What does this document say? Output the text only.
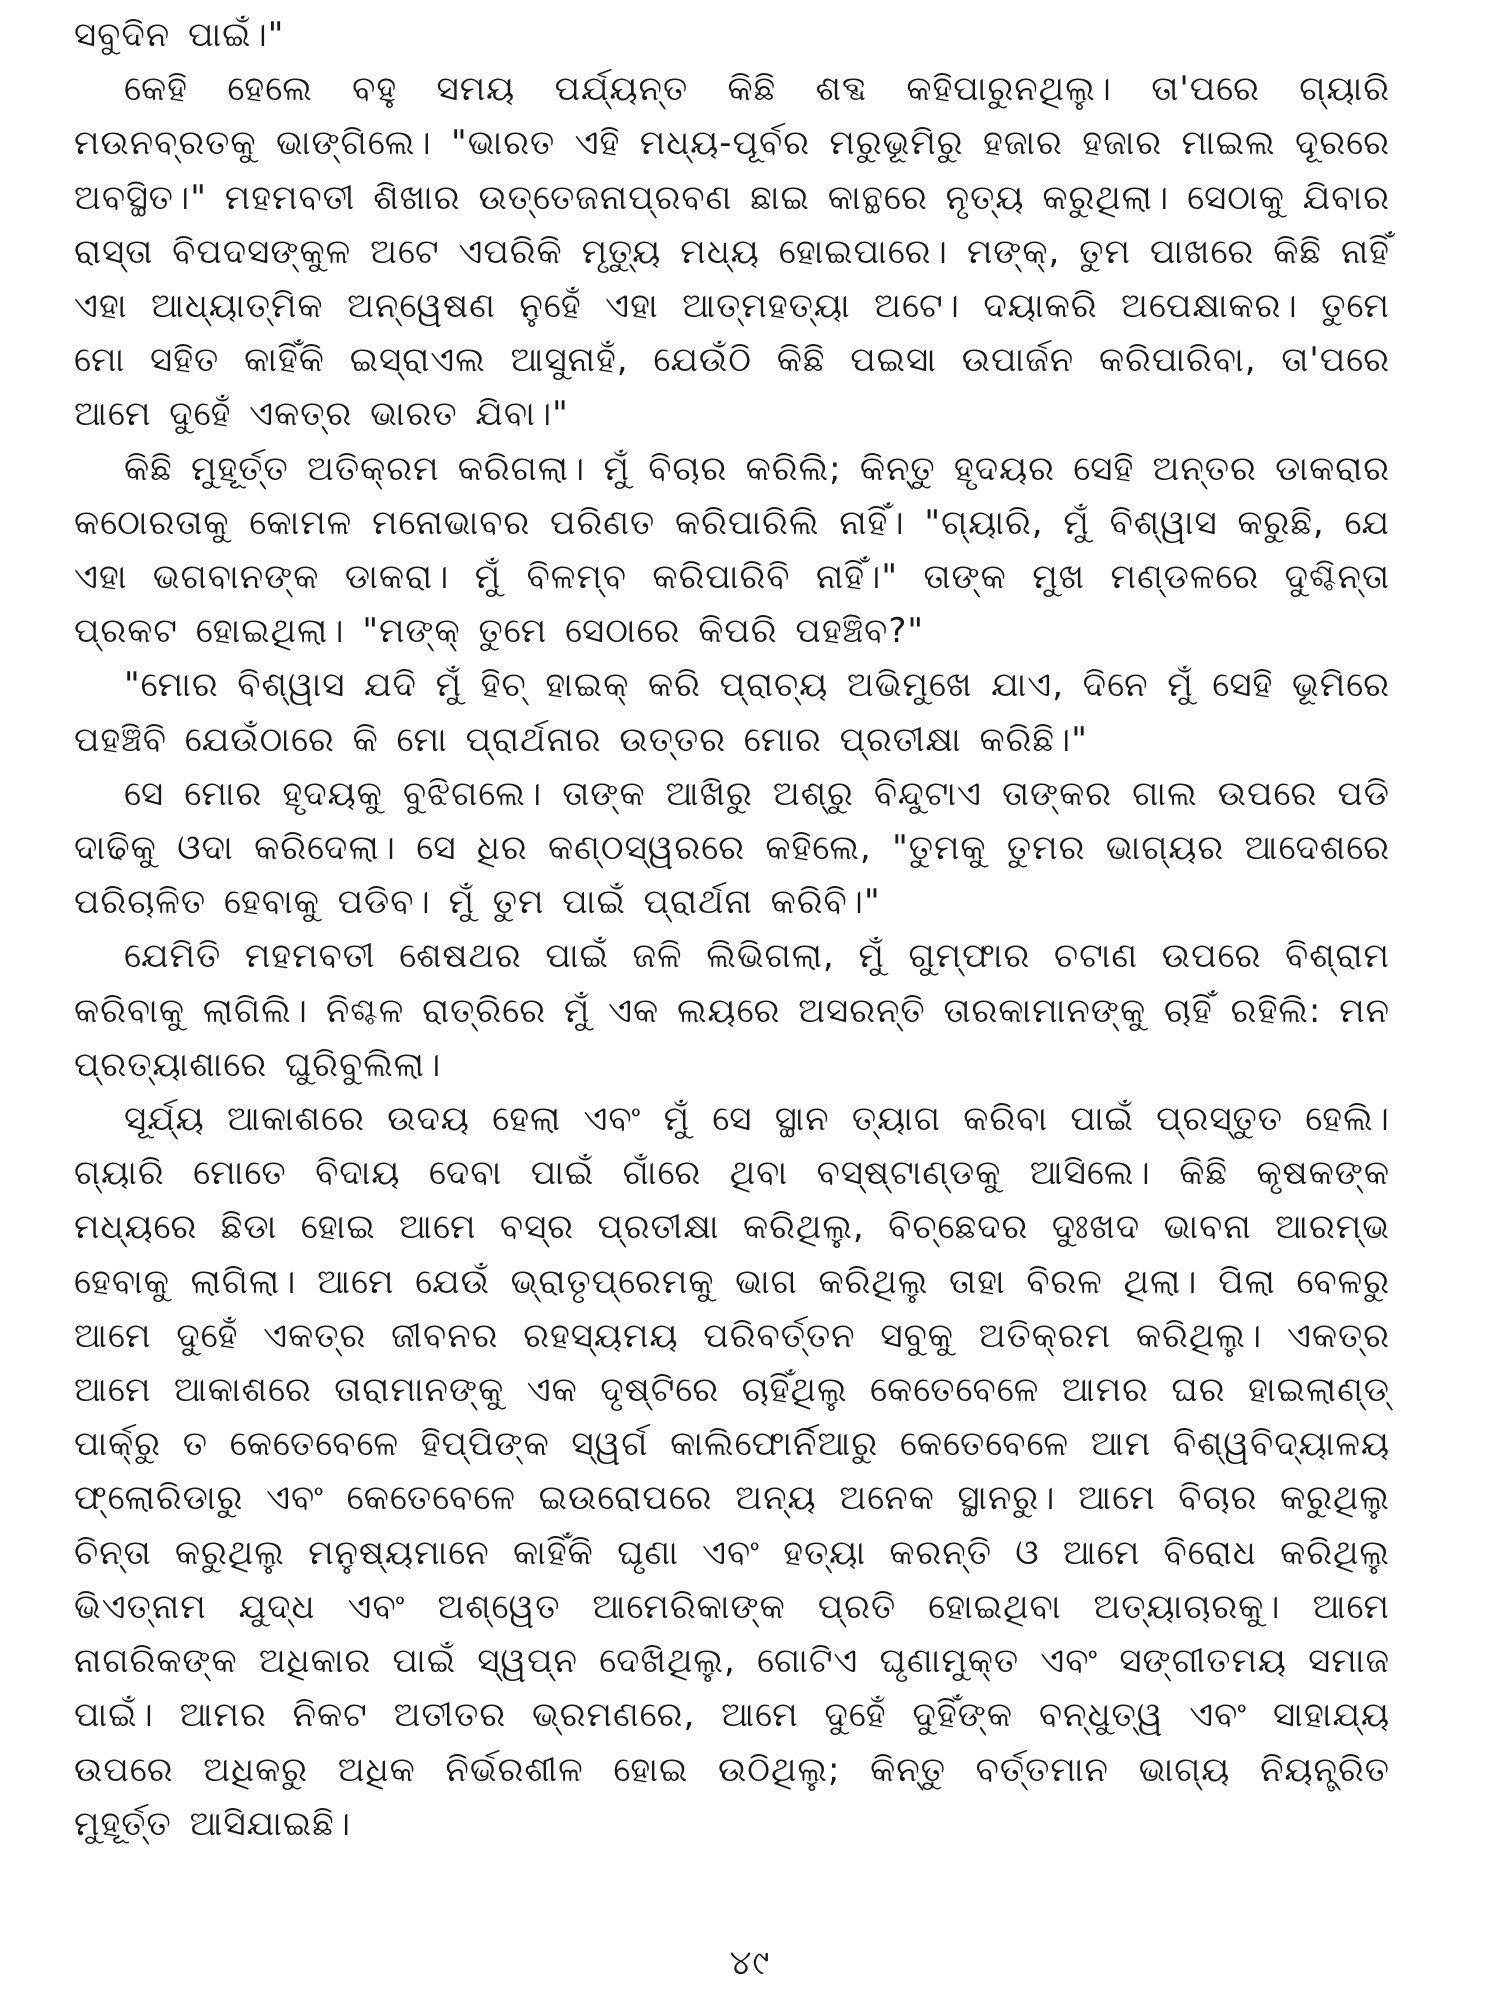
ସବୁଦିନ ପାଇଁ।"

କେହି ହେଲେ ବହୁ ସମୟ ପର୍ଯ୍ୟନ୍ତ କିଛି ଶବ୍ଦ କହିପାରୁନଥିଲୁ। ତା'ପରେ ଗ୍ୟାରି ମଉନବ୍ରତକୁ ଭାଙ୍ଗିଲେ। "ଭାରତ ଏହି ମଧ୍ୟ-ପୂର୍ବର ମରୁଭୂମିରୁ ହଜାର ହଜାର ମାଇଲ ଦୂରରେ ଅବସ୍ଥିତ।" ମହମବତୀ ଶିଖାର ଉତ୍ତେଜନାପ୍ରବଣ ଛାଇ କାନ୍ଥରେ ନୃତ୍ୟ କରୁଥିଲା। ସେଠାକୁ ଯିବାର ରାସ୍ତା ବିପଦସଙ୍କୁଳ ଅଟେ ଏପରିକି ମୃତ୍ୟୁ ମଧ୍ୟ ହୋଇପାରେ। ମଙ୍କ୍, ତୁମ ପାଖରେ କିଛି ନାହିଁ ଏହା ଆଧ୍ୟାତ୍ମିକ ଅନ୍ୱେଷଣ ନୁହେଁ ଏହା ଆତ୍ମହତ୍ୟା ଅଟେ। ଦୟାକରି ଅପେକ୍ଷାକର। ତୁମେ ମୋ ସହିତ କାହିଁକି ଇସ୍ରାଏଲ ଆସୁନାହଁ, ଯେଉଁଠି କିଛି ପଇସା ଉପାର୍ଜନ କରିପାରିବା, ତା'ପରେ ଆମେ ଦୁହେଁ ଏକତ୍ର ଭାରତ ଯିବା।"

କିଛି ମୁହୂର୍ତ୍ତ ଅତିକ୍ରମ କରିଗଲା। ମୁଁ ବିଚାର କରିଲି; କିନ୍ତୁ ହୃଦୟର ସେହି ଅନ୍ତର ଡାକରାର କଠୋରତାକୁ କୋମଳ ମନୋଭାବର ପରିଣତ କରିପାରିଲି ନାହିଁ। "ଗ୍ୟାରି, ମୁଁ ବିଶ୍ୱାସ କରୁଛି, ଯେ ଏହା ଭଗବାନଙ୍କ ଡାକରା। ମୁଁ ବିଳମ୍ବ କରିପାରିବି ନାହିଁ।" ତାଙ୍କ ମୁଖ ମଣ୍ଡଳରେ ଦୁଶ୍ଚିନ୍ତା ପ୍ରକଟ ହୋଇଥିଲା। "ମଙ୍କ୍ ତୁମେ ସେଠାରେ କିପରି ପହଞ୍ଚିବ?"

"ମୋର ବିଶ୍ୱାସ ଯଦି ମୁଁ ହିଚ୍ ହାଇକ୍ କରି ପ୍ରାଚ୍ୟ ଅଭିମୁଖେ ଯାଏ, ଦିନେ ମୁଁ ସେହି ଭୂମିରେ ପହଞ୍ଚିବି ଯେଉଁଠାରେ କି ମୋ ପ୍ରାର୍ଥନାର ଉତ୍ତର ମୋର ପ୍ରତୀକ୍ଷା କରିଛି।"

ସେ ମୋର ହୃଦୟକୁ ବୁଝିଗଲେ। ତାଙ୍କ ଆଖିରୁ ଅଶ୍ରୁ ବିନ୍ଦୁଟାଏ ତାଙ୍କର ଗାଲ ଉପରେ ପଡି ଦାଢିକୁ ଓଦା କରିଦେଲା। ସେ ଧିର କଣ୍ଠସ୍ୱରରେ କହିଲେ, "ତୁମକୁ ତୁମର ଭାଗ୍ୟର ଆଦେଶରେ ପରିଚାଳିତ ହେବାକୁ ପଡିବ। ମୁଁ ତୁମ ପାଇଁ ପ୍ରାର୍ଥନା କରିବି।"

ଯେମିତି ମହମବତୀ ଶେଷଥର ପାଇଁ ଜଳି ଲିଭିଗଲା, ମୁଁ ଗୁମ୍ଫାର ଚଟାଣ ଉପରେ ବିଶ୍ରାମ କରିବାକୁ ଲାଗିଲି। ନିଶ୍ଚଳ ରାତ୍ରିରେ ମୁଁ ଏକ ଲୟରେ ଅସରନ୍ତି ତାରକାମାନଙ୍କୁ ଚାହିଁ ରହିଲି: ମନ ପ୍ରତ୍ୟାଶାରେ ଘୁରିବୁଲିଲା।

ସୂର୍ଯ୍ୟ ଆକାଶରେ ଉଦୟ ହେଲା ଏବଂ ମୁଁ ସେ ସ୍ଥାନ ତ୍ୟାଗ କରିବା ପାଇଁ ପ୍ରସ୍ତୁତ ହେଲି। ଗ୍ୟାରି ମୋତେ ବିଦାୟ ଦେବା ପାଇଁ ଗାଁରେ ଥିବା ବସ୍‌ଷ୍ଟାଣ୍ଡକୁ ଆସିଲେ। କିଛି କୃଷକଙ୍କ ମଧ୍ୟରେ ଛିଡା ହୋଇ ଆମେ ବସ୍‌ର ପ୍ରତୀକ୍ଷା କରିଥିଲୁ, ବିଚ୍ଛେଦର ଦୁଃଖଦ ଭାବନା ଆରମ୍ଭ ହେବାକୁ ଲାଗିଲା। ଆମେ ଯେଉଁ ଭ୍ରାତୃପ୍ରେମକୁ ଭାଗ କରିଥିଲୁ ତାହା ବିରଳ ଥିଲା। ପିଲା ବେଳରୁ ଆମେ ଦୁହେଁ ଏକତ୍ର ଜୀବନର ରହସ୍ୟମୟ ପରିବର୍ତ୍ତନ ସବୁକୁ ଅତିକ୍ରମ କରିଥିଲୁ। ଏକତ୍ର ଆମେ ଆକାଶରେ ତାରାମାନଙ୍କୁ ଏକ ଦୃଷ୍ଟିରେ ଚାହିଁଥିଲୁ କେତେବେଳେ ଆମର ଘର ହାଇଲାଣ୍ଡ୍ ପାର୍କ୍‌ରୁ ତ କେତେବେଳେ ହିପ୍ପିଙ୍କ ସ୍ୱର୍ଗ କାଲିଫୋର୍ନିଆରୁ କେତେବେଳେ ଆମ ବିଶ୍ୱବିଦ୍ୟାଳୟ ଫ୍ଲୋରିଡାରୁ ଏବଂ କେତେବେଳେ ଇଉରୋପରେ ଅନ୍ୟ ଅନେକ ସ୍ଥାନରୁ। ଆମେ ବିଚାର କରୁଥିଲୁ ଚିନ୍ତା କରୁଥିଲୁ ମନୁଷ୍ୟମାନେ କାହିଁକି ଘୃଣା ଏବଂ ହତ୍ୟା କରନ୍ତି ଓ ଆମେ ବିରୋଧ କରିଥିଲୁ ଭିଏତ୍‌ନାମ ଯୁଦ୍ଧ ଏବଂ ଅଶ୍ୱେତ ଆମେରିକାଙ୍କ ପ୍ରତି ହୋଇଥିବା ଅତ୍ୟାଚାରକୁ। ଆମେ ନାଗରିକଙ୍କ ଅଧିକାର ପାଇଁ ସ୍ୱପ୍ନ ଦେଖିଥିଲୁ, ଗୋଟିଏ ଘୃଣାମୁକ୍ତ ଏବଂ ସଙ୍ଗୀତମୟ ସମାଜ ପାଇଁ। ଆମର ନିକଟ ଅତୀତର ଭ୍ରମଣରେ, ଆମେ ଦୁହେଁ ଦୁହିଁଙ୍କ ବନ୍ଧୁତ୍ୱ ଏବଂ ସାହାଯ୍ୟ ଉପରେ ଅଧିକରୁ ଅଧିକ ନିର୍ଭରଶୀଳ ହୋଇ ଉଠିଥିଲୁ; କିନ୍ତୁ ବର୍ତ୍ତମାନ ଭାଗ୍ୟ ନିୟନ୍ତ୍ରିତ ମୁହୂର୍ତ୍ତ ଆସିଯାଇଛି।

୪୯
